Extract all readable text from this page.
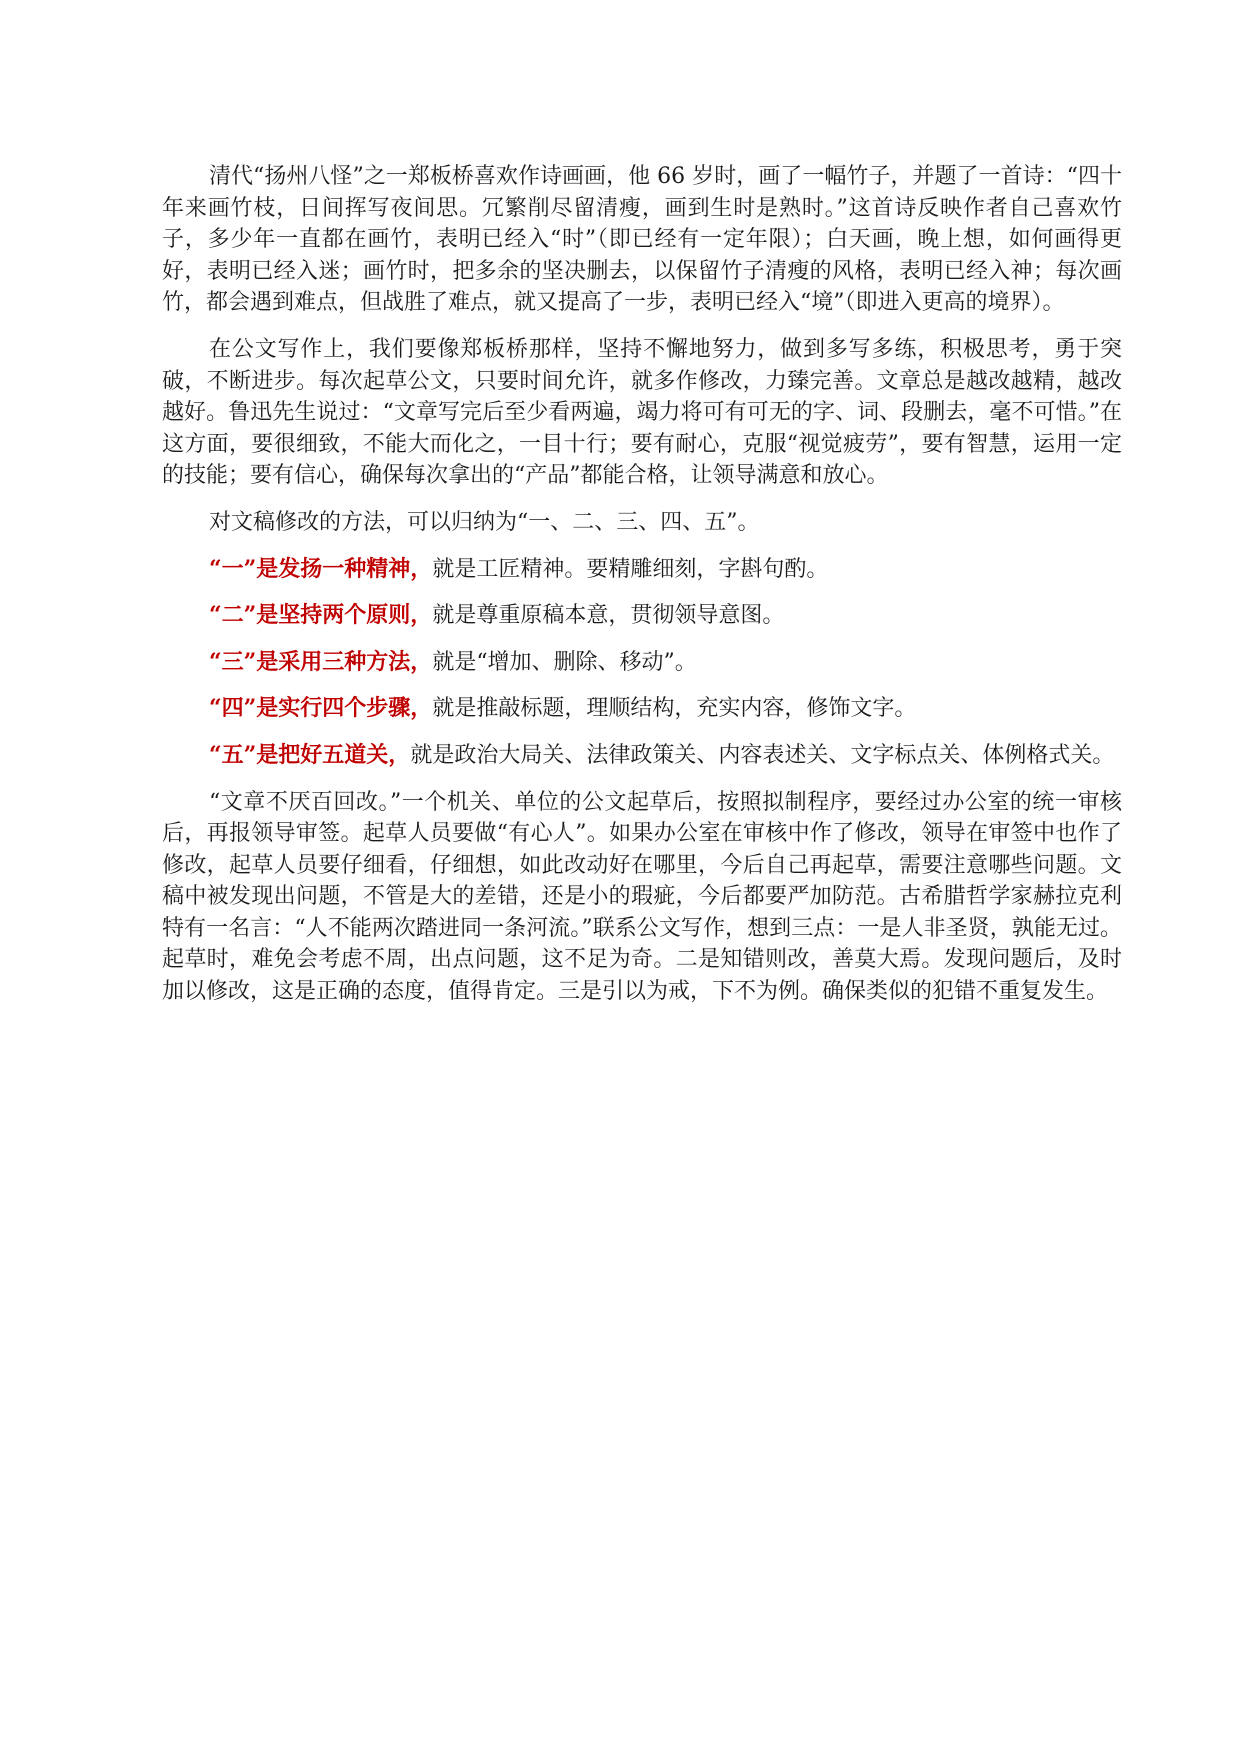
清代“扬州八怪”之一郑板桥喜欢作诗画画，他 66 岁时，画了一幅竹子，并题了一首诗：“四十年来画竹枝，日间挥写夜间思。冗繁削尽留清瘦，画到生时是熟时。”这首诗反映作者自己喜欢竹子，多少年一直都在画竹，表明已经入“时”（即已经有一定年限）；白天画，晚上想，如何画得更好，表明已经入迷；画竹时，把多余的坚决删去，以保留竹子清瘦的风格，表明已经入神；每次画竹，都会遇到难点，但战胜了难点，就又提高了一步，表明已经入“境”（即进入更高的境界）。

在公文写作上，我们要像郑板桥那样，坚持不懈地努力，做到多写多练，积极思考，勇于突破，不断进步。每次起草公文，只要时间允许，就多作修改，力臻完善。文章总是越改越精，越改越好。鲁迅先生说过：“文章写完后至少看两遍，竭力将可有可无的字、词、段删去，毫不可惜。”在这方面，要很细致，不能大而化之，一目十行；要有耐心，克服“视觉疲劳”，要有智慧，运用一定的技能；要有信心，确保每次拿出的“产品”都能合格，让领导满意和放心。

对文稿修改的方法，可以归纳为“一、二、三、四、五”。

“一”是发扬一种精神，就是工匠精神。要精雕细刻，字斟句酌。

“二”是坚持两个原则，就是尊重原稿本意，贯彻领导意图。

“三”是采用三种方法，就是“增加、删除、移动”。

“四”是实行四个步骤，就是推敲标题，理顺结构，充实内容，修饰文字。

“五”是把好五道关，就是政治大局关、法律政策关、内容表述关、文字标点关、体例格式关。

“文章不厌百回改。”一个机关、单位的公文起草后，按照拟制程序，要经过办公室的统一审核后，再报领导审签。起草人员要做“有心人”。如果办公室在审核中作了修改，领导在审签中也作了修改，起草人员要仔细看，仔细想，如此改动好在哪里，今后自己再起草，需要注意哪些问题。文稿中被发现出问题，不管是大的差错，还是小的瑕疵，今后都要严加防范。古希腊哲学家赫拉克利特有一名言：“人不能两次踏进同一条河流。”联系公文写作，想到三点：一是人非圣贤，孰能无过。起草时，难免会考虑不周，出点问题，这不足为奇。二是知错则改，善莫大焉。发现问题后，及时加以修改，这是正确的态度，值得肯定。三是引以为戒，下不为例。确保类似的犯错不重复发生。
